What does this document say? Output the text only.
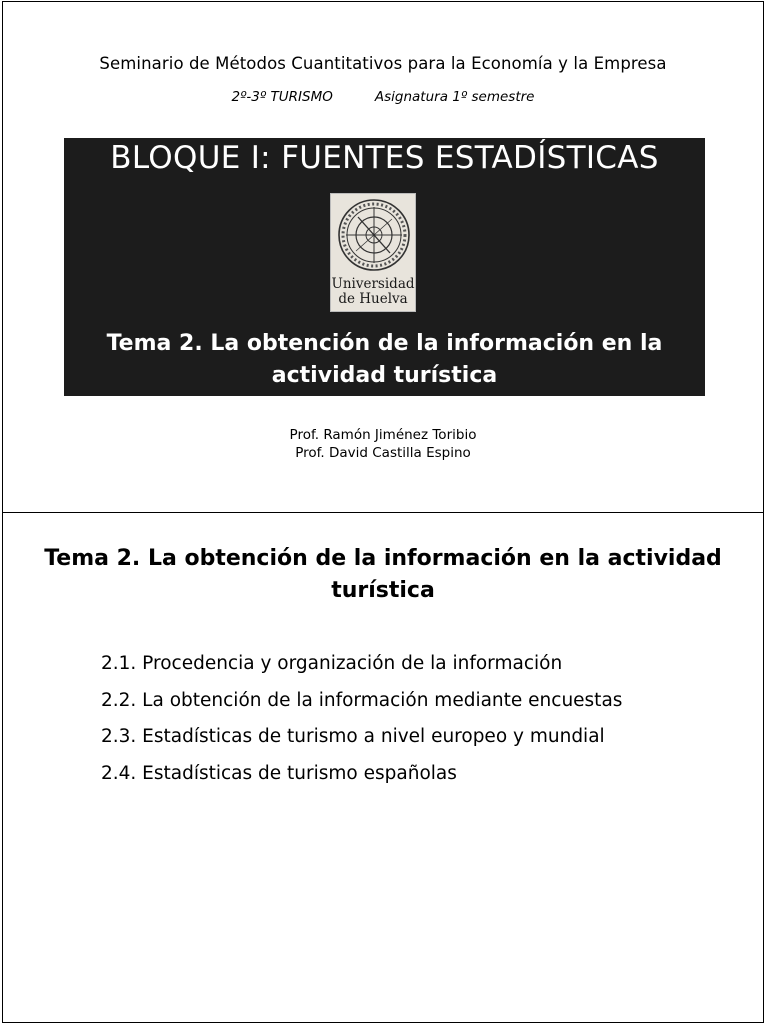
Seminario de Métodos Cuantitativos para la Economía y la Empresa
2º-3º TURISMO	Asignatura 1º semestre
BLOQUE I: FUENTES ESTADÍSTICAS
Universidad
de Huelva
Tema 2. La obtención de la información en la actividad turística
Prof. Ramón Jiménez Toribio
Prof. David Castilla Espino
Tema 2. La obtención de la información en la actividad turística
2.1. Procedencia y organización de la información
2.2. La obtención de la información mediante encuestas
2.3. Estadísticas de turismo a nivel europeo y mundial
2.4. Estadísticas de turismo españolas
